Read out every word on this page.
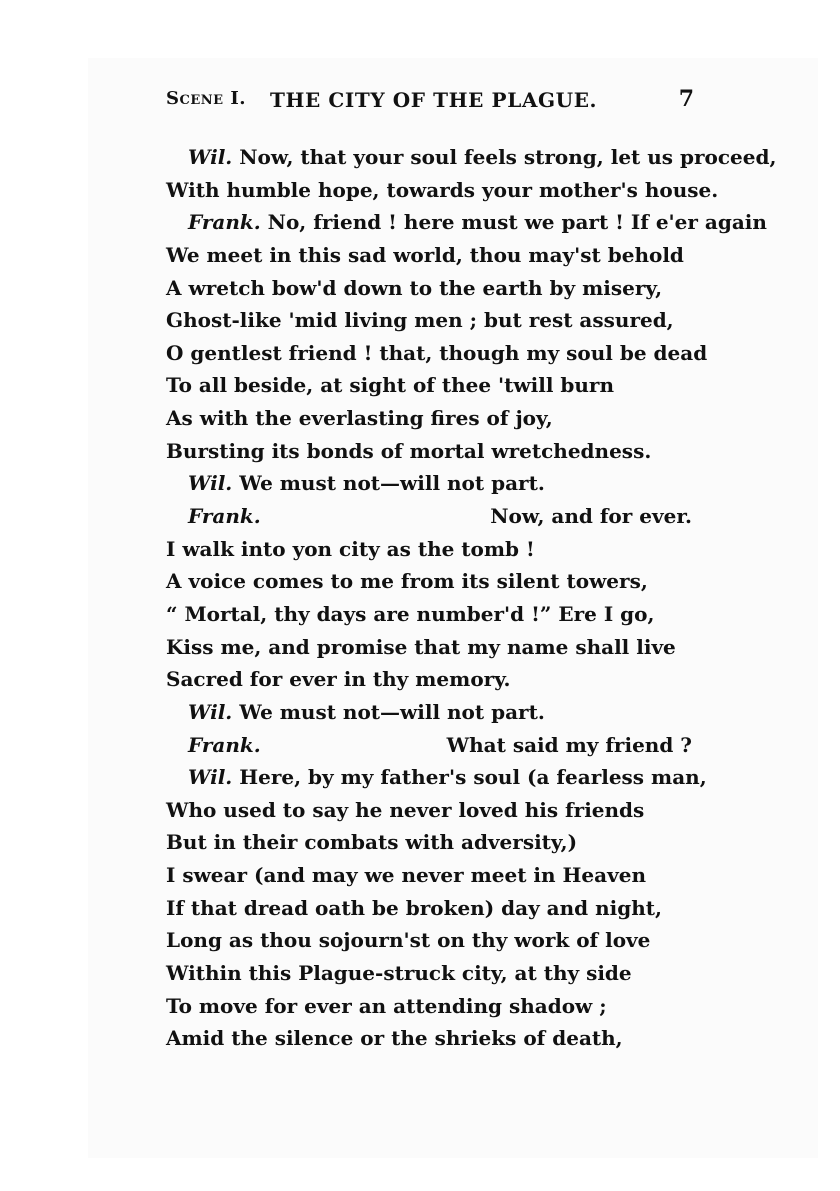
Scene I. THE CITY OF THE PLAGUE.	7
Wil. Now, that your soul feels strong, let us proceed,
With humble hope, towards your mother's house.
Frank. No, friend ! here must we part ! If e'er again
We meet in this sad world, thou may'st behold
A wretch bow'd down to the earth by misery,
Ghost-like 'mid living men ; but rest assured,
O gentlest friend ! that, though my soul be dead
To all beside, at sight of thee 'twill burn
As with the everlasting fires of joy,
Bursting its bonds of mortal wretchedness.
Wil. We must not—will not part.
Frank.	Now, and for ever.
I walk into yon city as the tomb !
A voice comes to me from its silent towers,
“ Mortal, thy days are number'd !” Ere I go,
Kiss me, and promise that my name shall live
Sacred for ever in thy memory.
Wil. We must not—will not part.
Frank.	What said my friend ?
Wil. Here, by my father's soul (a fearless man,
Who used to say he never loved his friends
But in their combats with adversity,)
I swear (and may we never meet in Heaven
If that dread oath be broken) day and night,
Long as thou sojourn'st on thy work of love
Within this Plague-struck city, at thy side
To move for ever an attending shadow ;
Amid the silence or the shrieks of death,
